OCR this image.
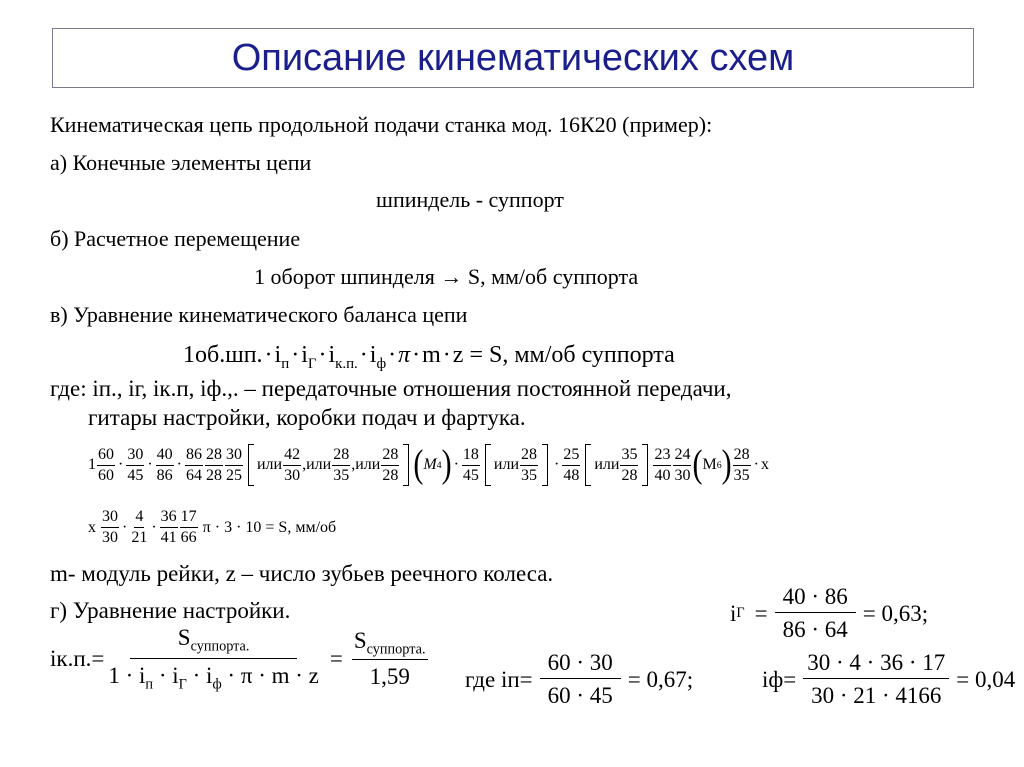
Описание кинематических схем
Кинематическая цепь продольной подачи станка мод. 16К20 (пример):
а) Конечные элементы цепи
шпиндель - суппорт
б) Расчетное перемещение
1 оборот шпинделя → S, мм/об суппорта
в) Уравнение кинематического баланса цепи
$1об.шп.\cdot i_п\cdot i_Г\cdot i_{к.п.}\cdot i_ф\cdot\pi\cdot m\cdot z = S$, мм/об суппорта
где: iп., iг, iк.п, iф.,. – передаточные отношения постоянной передачи,
гитары настройки, коробки подач и фартука.
$1 \frac{60}{60} \cdot \frac{30}{45} \cdot \frac{40}{86} \cdot \frac{86}{64} \frac{28}{28} \frac{30}{25}$ или $\frac{42}{30} ,или \frac{28}{35} ,или \frac{28}{28}$ ( M 4 ) · $\frac{18}{45}$ или $\frac{28}{35} \cdot \frac{25}{48}$ или $\frac{35}{28} \frac{23}{40} \frac{24}{30}$ ( M 6 ) $\frac{28}{35} \cdot x$
x
$\frac{30}{30} \cdot \frac{4}{21} \cdot \frac{36}{41} \frac{17}{66}$
π · 3 · 10 = S, мм/об
m- модуль рейки, z – число зубьев реечного колеса.
г) Уравнение настройки.
$iк.п.= \frac{S_{суппорта.}}{1 \cdot i_п \cdot i_Г \cdot i_ф \cdot \pi \cdot m \cdot z} = \frac{S_{суппорта.}}{1,59}$
i $Г = \frac{40 \cdot 86}{86 \cdot 64} = 0,63$;
где $iп= \frac{60 \cdot 30}{60 \cdot 45} = 0,67$;	$iф= \frac{30 \cdot 4 \cdot 36 \cdot 17}{30 \cdot 21 \cdot 4166} = 0,04$
